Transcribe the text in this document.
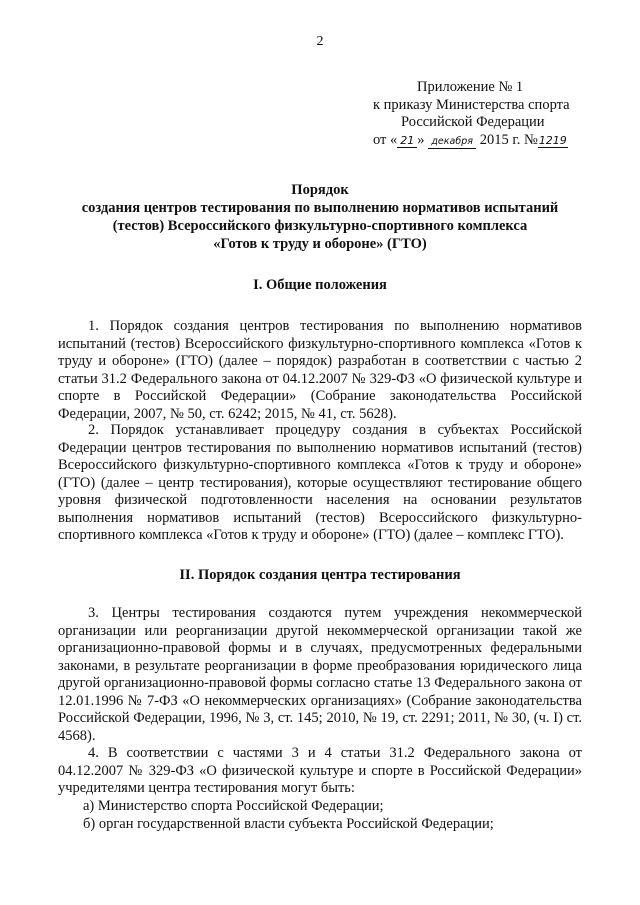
2
Приложение № 1
к приказу Министерства спорта
Российской Федерации
от « 21 » декабря 2015 г. №1219
Порядок
создания центров тестирования по выполнению нормативов испытаний
(тестов) Всероссийского физкультурно-спортивного комплекса
«Готов к труду и обороне» (ГТО)
I. Общие положения
1. Порядок создания центров тестирования по выполнению нормативов испытаний (тестов) Всероссийского физкультурно-спортивного комплекса «Готов к труду и обороне» (ГТО) (далее – порядок) разработан в соответствии с частью 2 статьи 31.2 Федерального закона от 04.12.2007 № 329-ФЗ «О физической культуре и спорте в Российской Федерации» (Собрание законодательства Российской Федерации, 2007, № 50, ст. 6242; 2015, № 41, ст. 5628).
2. Порядок устанавливает процедуру создания в субъектах Российской Федерации центров тестирования по выполнению нормативов испытаний (тестов) Всероссийского физкультурно-спортивного комплекса «Готов к труду и обороне» (ГТО) (далее – центр тестирования), которые осуществляют тестирование общего уровня физической подготовленности населения на основании результатов выполнения нормативов испытаний (тестов) Всероссийского физкультурно-спортивного комплекса «Готов к труду и обороне» (ГТО) (далее – комплекс ГТО).
II. Порядок создания центра тестирования
3. Центры тестирования создаются путем учреждения некоммерческой организации или реорганизации другой некоммерческой организации такой же организационно-правовой формы и в случаях, предусмотренных федеральными законами, в результате реорганизации в форме преобразования юридического лица другой организационно-правовой формы согласно статье 13 Федерального закона от 12.01.1996 № 7-ФЗ «О некоммерческих организациях» (Собрание законодательства Российской Федерации, 1996, № 3, ст. 145; 2010, № 19, ст. 2291; 2011, № 30, (ч. I) ст. 4568).
4. В соответствии с частями 3 и 4 статьи 31.2 Федерального закона от 04.12.2007 № 329-ФЗ «О физической культуре и спорте в Российской Федерации» учредителями центра тестирования могут быть:
а) Министерство спорта Российской Федерации;
б) орган государственной власти субъекта Российской Федерации;
